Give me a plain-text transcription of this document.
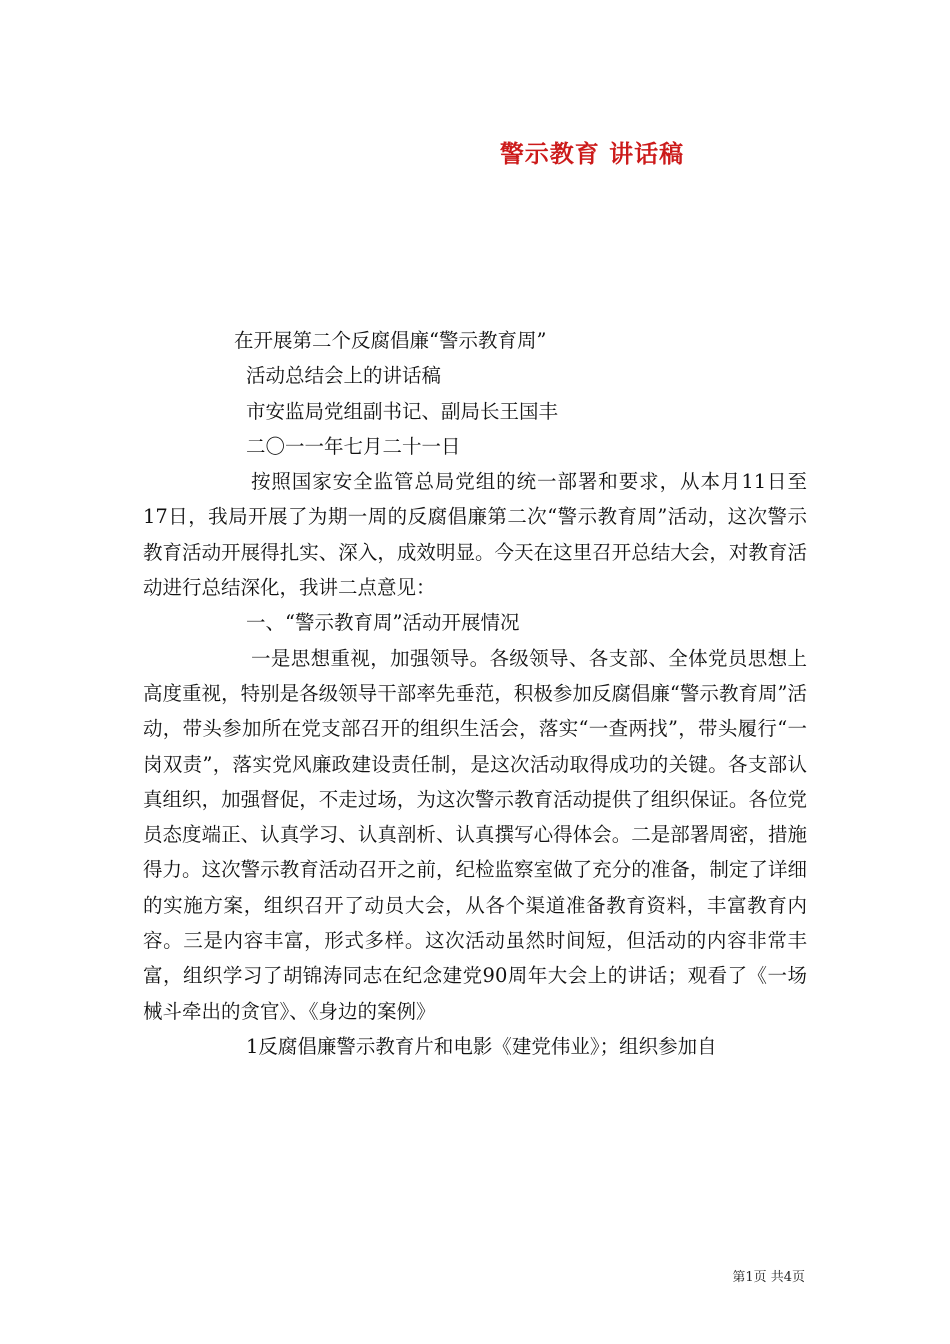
警示教育 讲话稿

在开展第二个反腐倡廉“警示教育周”

活动总结会上的讲话稿

市安监局党组副书记、副局长王国丰

二〇一一年七月二十一日

按照国家安全监管总局党组的统一部署和要求，从本月11日至17日，我局开展了为期一周的反腐倡廉第二次“警示教育周”活动，这次警示教育活动开展得扎实、深入，成效明显。今天在这里召开总结大会，对教育活动进行总结深化，我讲二点意见：

一、“警示教育周”活动开展情况

一是思想重视，加强领导。各级领导、各支部、全体党员思想上高度重视，特别是各级领导干部率先垂范，积极参加反腐倡廉“警示教育周”活动，带头参加所在党支部召开的组织生活会，落实“一查两找”，带头履行“一岗双责”，落实党风廉政建设责任制，是这次活动取得成功的关键。各支部认真组织，加强督促，不走过场，为这次警示教育活动提供了组织保证。各位党员态度端正、认真学习、认真剖析、认真撰写心得体会。二是部署周密，措施得力。这次警示教育活动召开之前，纪检监察室做了充分的准备，制定了详细的实施方案，组织召开了动员大会，从各个渠道准备教育资料，丰富教育内容。三是内容丰富，形式多样。这次活动虽然时间短，但活动的内容非常丰富，组织学习了胡锦涛同志在纪念建党90周年大会上的讲话；观看了《一场械斗牵出的贪官》、《身边的案例》

1反腐倡廉警示教育片和电影《建党伟业》；组织参加自

第1页 共4页
